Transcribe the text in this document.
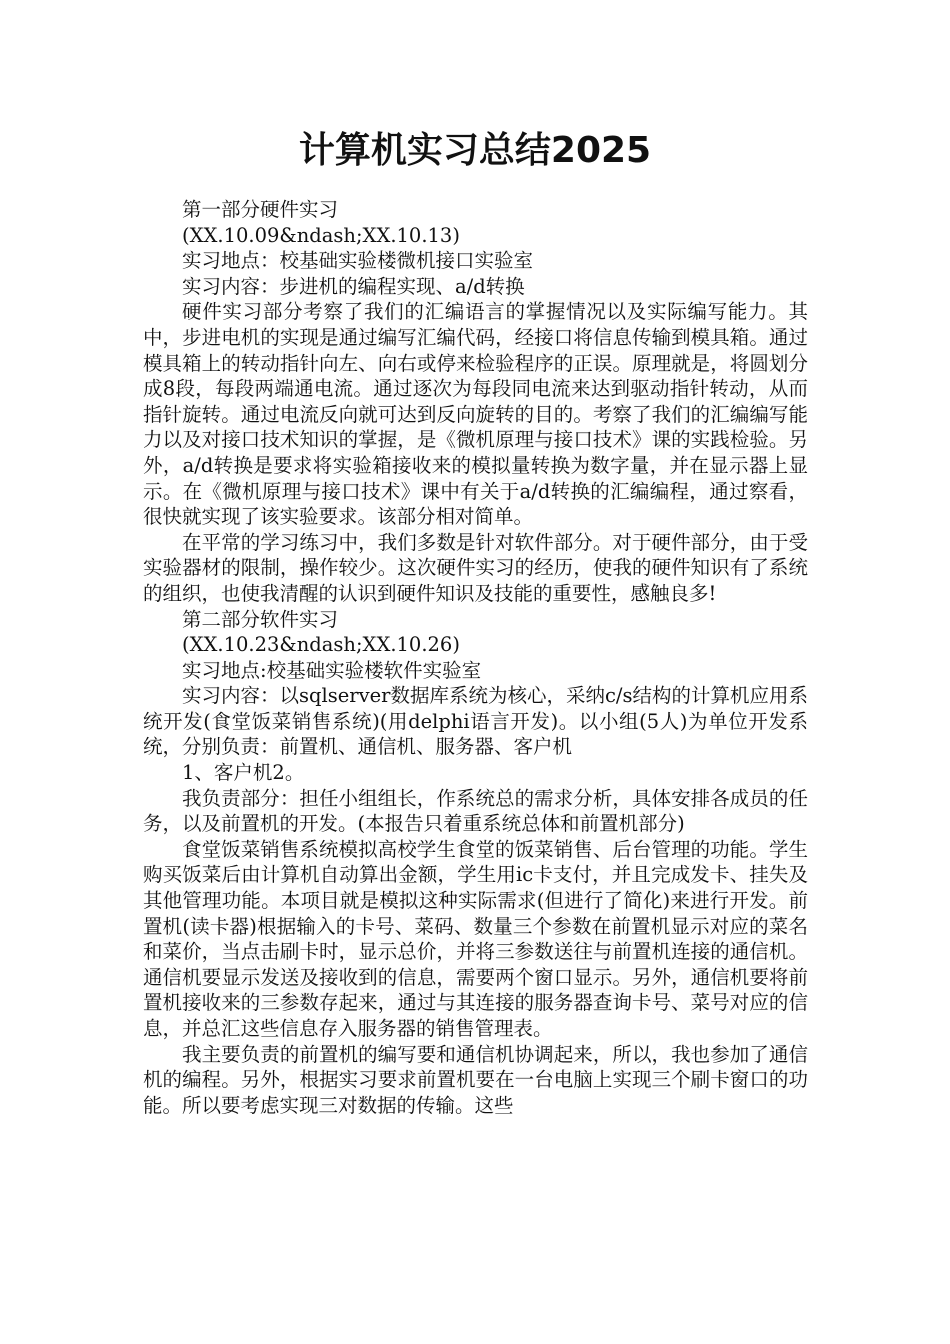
计算机实习总结2025

第一部分硬件实习

(XX.10.09&ndash;XX.10.13)

实习地点：校基础实验楼微机接口实验室

实习内容：步进机的编程实现、a/d转换

硬件实习部分考察了我们的汇编语言的掌握情况以及实际编写能力。其中，步进电机的实现是通过编写汇编代码，经接口将信息传输到模具箱。通过模具箱上的转动指针向左、向右或停来检验程序的正误。原理就是，将圆划分成8段，每段两端通电流。通过逐次为每段同电流来达到驱动指针转动，从而指针旋转。通过电流反向就可达到反向旋转的目的。考察了我们的汇编编写能力以及对接口技术知识的掌握，是《微机原理与接口技术》课的实践检验。另外，a/d转换是要求将实验箱接收来的模拟量转换为数字量，并在显示器上显示。在《微机原理与接口技术》课中有关于a/d转换的汇编编程，通过察看，很快就实现了该实验要求。该部分相对简单。

在平常的学习练习中，我们多数是针对软件部分。对于硬件部分，由于受实验器材的限制，操作较少。这次硬件实习的经历，使我的硬件知识有了系统的组织，也使我清醒的认识到硬件知识及技能的重要性，感触良多!

第二部分软件实习

(XX.10.23&ndash;XX.10.26)

实习地点:校基础实验楼软件实验室

实习内容：以sqlserver数据库系统为核心，采纳c/s结构的计算机应用系统开发(食堂饭菜销售系统)(用delphi语言开发)。以小组(5人)为单位开发系统，分别负责：前置机、通信机、服务器、客户机

1、客户机2。

我负责部分：担任小组组长，作系统总的需求分析，具体安排各成员的任务，以及前置机的开发。(本报告只着重系统总体和前置机部分)

食堂饭菜销售系统模拟高校学生食堂的饭菜销售、后台管理的功能。学生购买饭菜后由计算机自动算出金额，学生用ic卡支付，并且完成发卡、挂失及其他管理功能。本项目就是模拟这种实际需求(但进行了简化)来进行开发。前置机(读卡器)根据输入的卡号、菜码、数量三个参数在前置机显示对应的菜名和菜价，当点击刷卡时，显示总价，并将三参数送往与前置机连接的通信机。通信机要显示发送及接收到的信息，需要两个窗口显示。另外，通信机要将前置机接收来的三参数存起来，通过与其连接的服务器查询卡号、菜号对应的信息，并总汇这些信息存入服务器的销售管理表。

我主要负责的前置机的编写要和通信机协调起来，所以，我也参加了通信机的编程。另外，根据实习要求前置机要在一台电脑上实现三个刷卡窗口的功能。所以要考虑实现三对数据的传输。这些
